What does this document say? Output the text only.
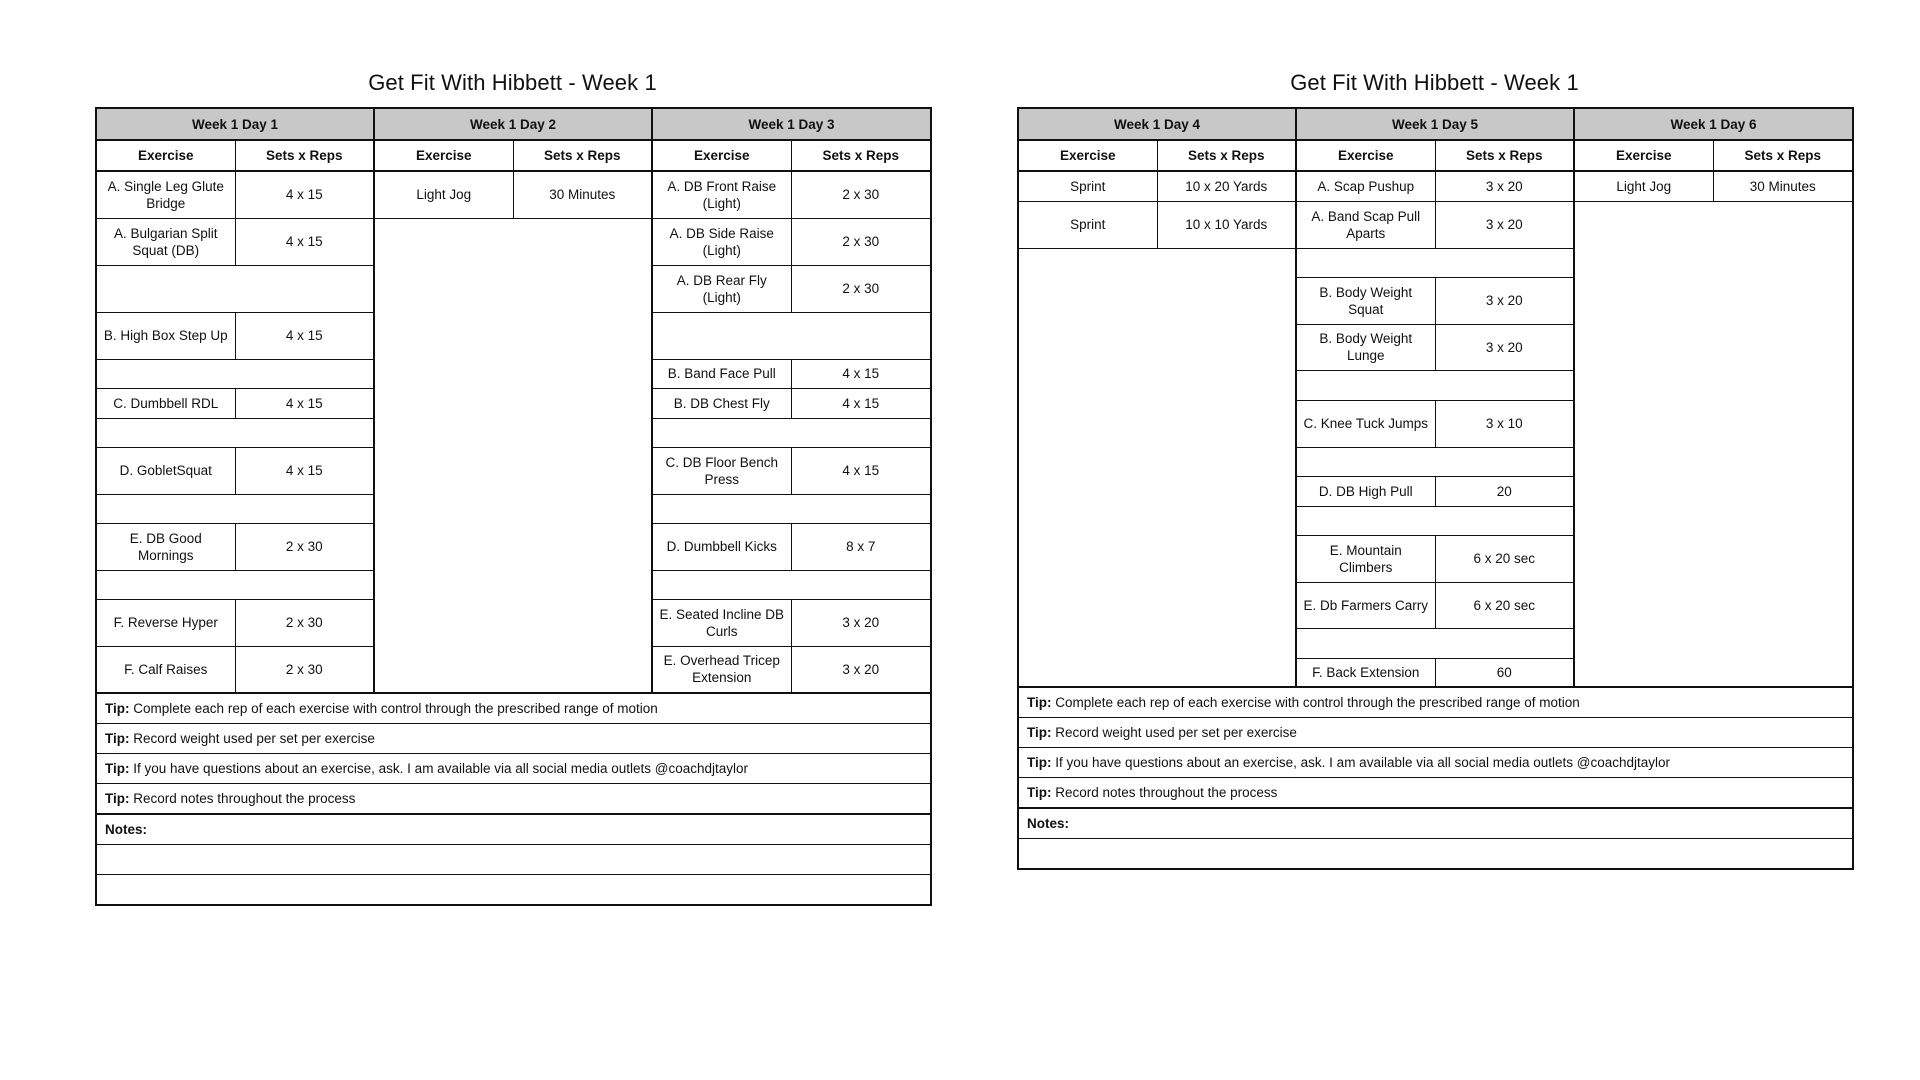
Get Fit With Hibbett - Week 1
Week 1 Day 1		Week 1 Day 2		Week 1 Day 3	
Exercise	Sets x Reps	Exercise	Sets x Reps	Exercise	Sets x Reps
A. Single Leg Glute Bridge	4 x 15	Light Jog	30 Minutes	A. DB Front Raise (Light)	2 x 30
A. Bulgarian Split Squat (DB)	4 x 15			A. DB Side Raise (Light)	2 x 30
				A. DB Rear Fly (Light)	2 x 30
B. High Box Step Up	4 x 15				
				B. Band Face Pull	4 x 15
C. Dumbbell RDL	4 x 15			B. DB Chest Fly	4 x 15

D. GobletSquat	4 x 15			C. DB Floor Bench Press	4 x 15

E. DB Good Mornings	2 x 30			D. Dumbbell Kicks	8 x 7

F. Reverse Hyper	2 x 30			E. Seated Incline DB Curls	3 x 20
F. Calf Raises	2 x 30			E. Overhead Tricep Extension	3 x 20
Tip: Complete each rep of each exercise with control through the prescribed range of motion					
Tip: Record weight used per set per exercise					
Tip: If you have questions about an exercise, ask. I am available via all social media outlets @coachdjtaylor					
Tip: Record notes throughout the process					
Notes:					

Get Fit With Hibbett - Week 1
Week 1 Day 4		Week 1 Day 5		Week 1 Day 6	
Exercise	Sets x Reps	Exercise	Sets x Reps	Exercise	Sets x Reps
Sprint	10 x 20 Yards	A. Scap Pushup	3 x 20	Light Jog	30 Minutes
Sprint	10 x 10 Yards	A. Band Scap Pull Aparts	3 x 20		

		B. Body Weight Squat	3 x 20		
		B. Body Weight Lunge	3 x 20		

		C. Knee Tuck Jumps	3 x 10		

		D. DB High Pull	20		

		E. Mountain Climbers	6 x 20 sec		
		E. Db Farmers Carry	6 x 20 sec		

		F. Back Extension	60		
Tip: Complete each rep of each exercise with control through the prescribed range of motion					
Tip: Record weight used per set per exercise					
Tip: If you have questions about an exercise, ask. I am available via all social media outlets @coachdjtaylor					
Tip: Record notes throughout the process					
Notes:					
